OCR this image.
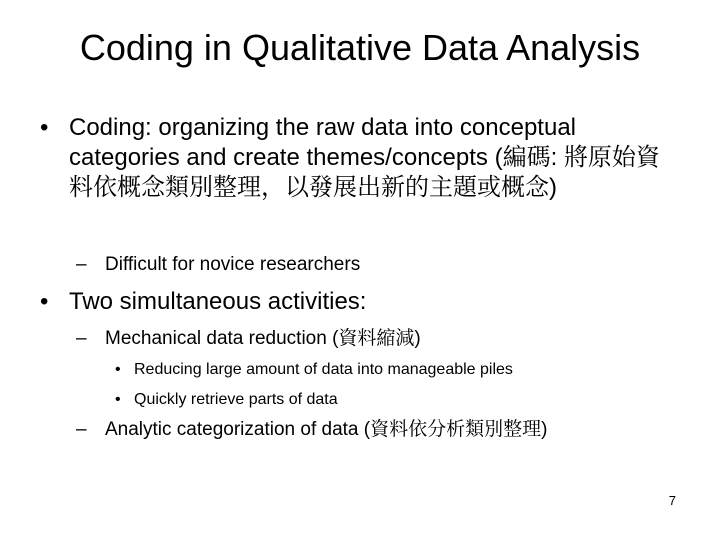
Coding in Qualitative Data Analysis
• Coding: organizing the raw data into conceptual categories and create themes/concepts (編碼: 將原始資料依概念類別整理，以發展出新的主題或概念)
– Difficult for novice researchers
• Two simultaneous activities:
– Mechanical data reduction (資料縮減)
• Reducing large amount of data into manageable piles
• Quickly retrieve parts of data
– Analytic categorization of data (資料依分析類別整理)
7
